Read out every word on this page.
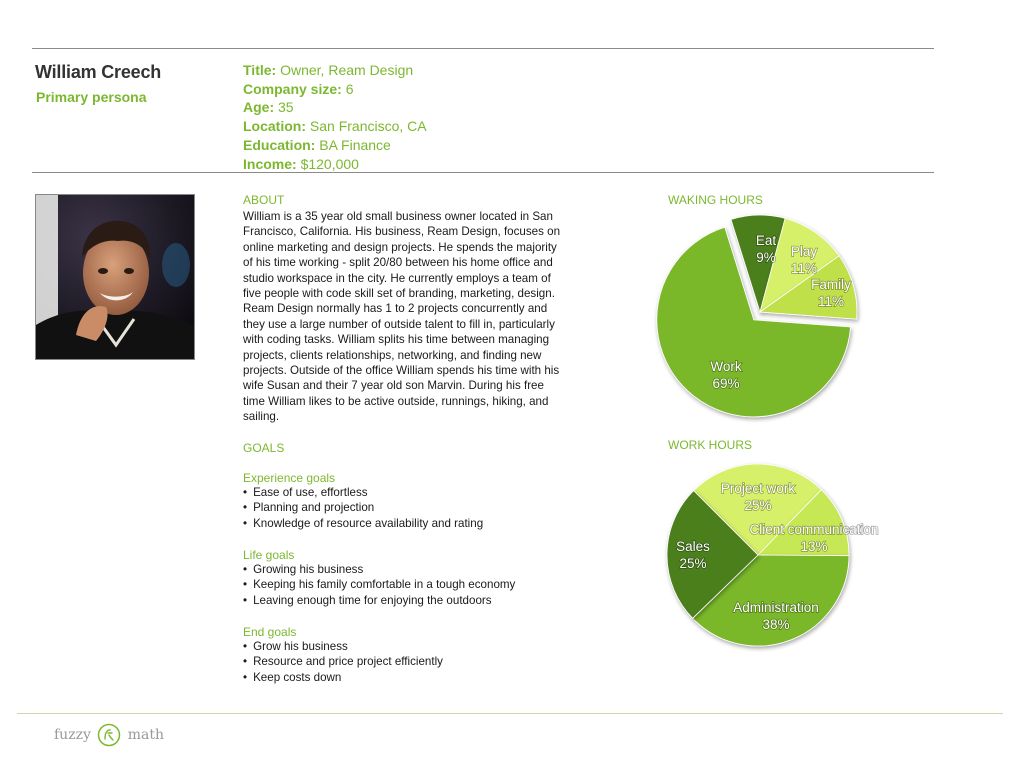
William Creech
Primary persona
Title: Owner, Ream Design
Company size: 6
Age: 35
Location: San Francisco, CA
Education: BA Finance
Income: $120,000
ABOUT
William is a 35 year old small business owner located in San
Francisco, California. His business, Ream Design, focuses on
online marketing and design projects. He spends the majority
of his time working - split 20/80 between his home office and
studio workspace in the city. He currently employs a team of
five people with code skill set of branding, marketing, design.
Ream Design normally has 1 to 2 projects concurrently and
they use a large number of outside talent to fill in, particularly
with coding tasks. William splits his time between managing
projects, clients relationships, networking, and finding new
projects. Outside of the office William spends his time with his
wife Susan and their 7 year old son Marvin. During his free
time William likes to be active outside, runnings, hiking, and
sailing.
GOALS
Experience goals
• Ease of use, effortless
• Planning and projection
• Knowledge of resource availability and rating
Life goals
• Growing his business
• Keeping his family comfortable in a tough economy
• Leaving enough time for enjoying the outdoors
End goals
• Grow his business
• Resource and price project efficiently
• Keep costs down
WAKING HOURS
Work
69%
Eat
9% Play
11%
Family
11%
WORK HOURS
Sales
25%
Project work
25%
Client communication
13%
Administration
38%
fuzzy	math
